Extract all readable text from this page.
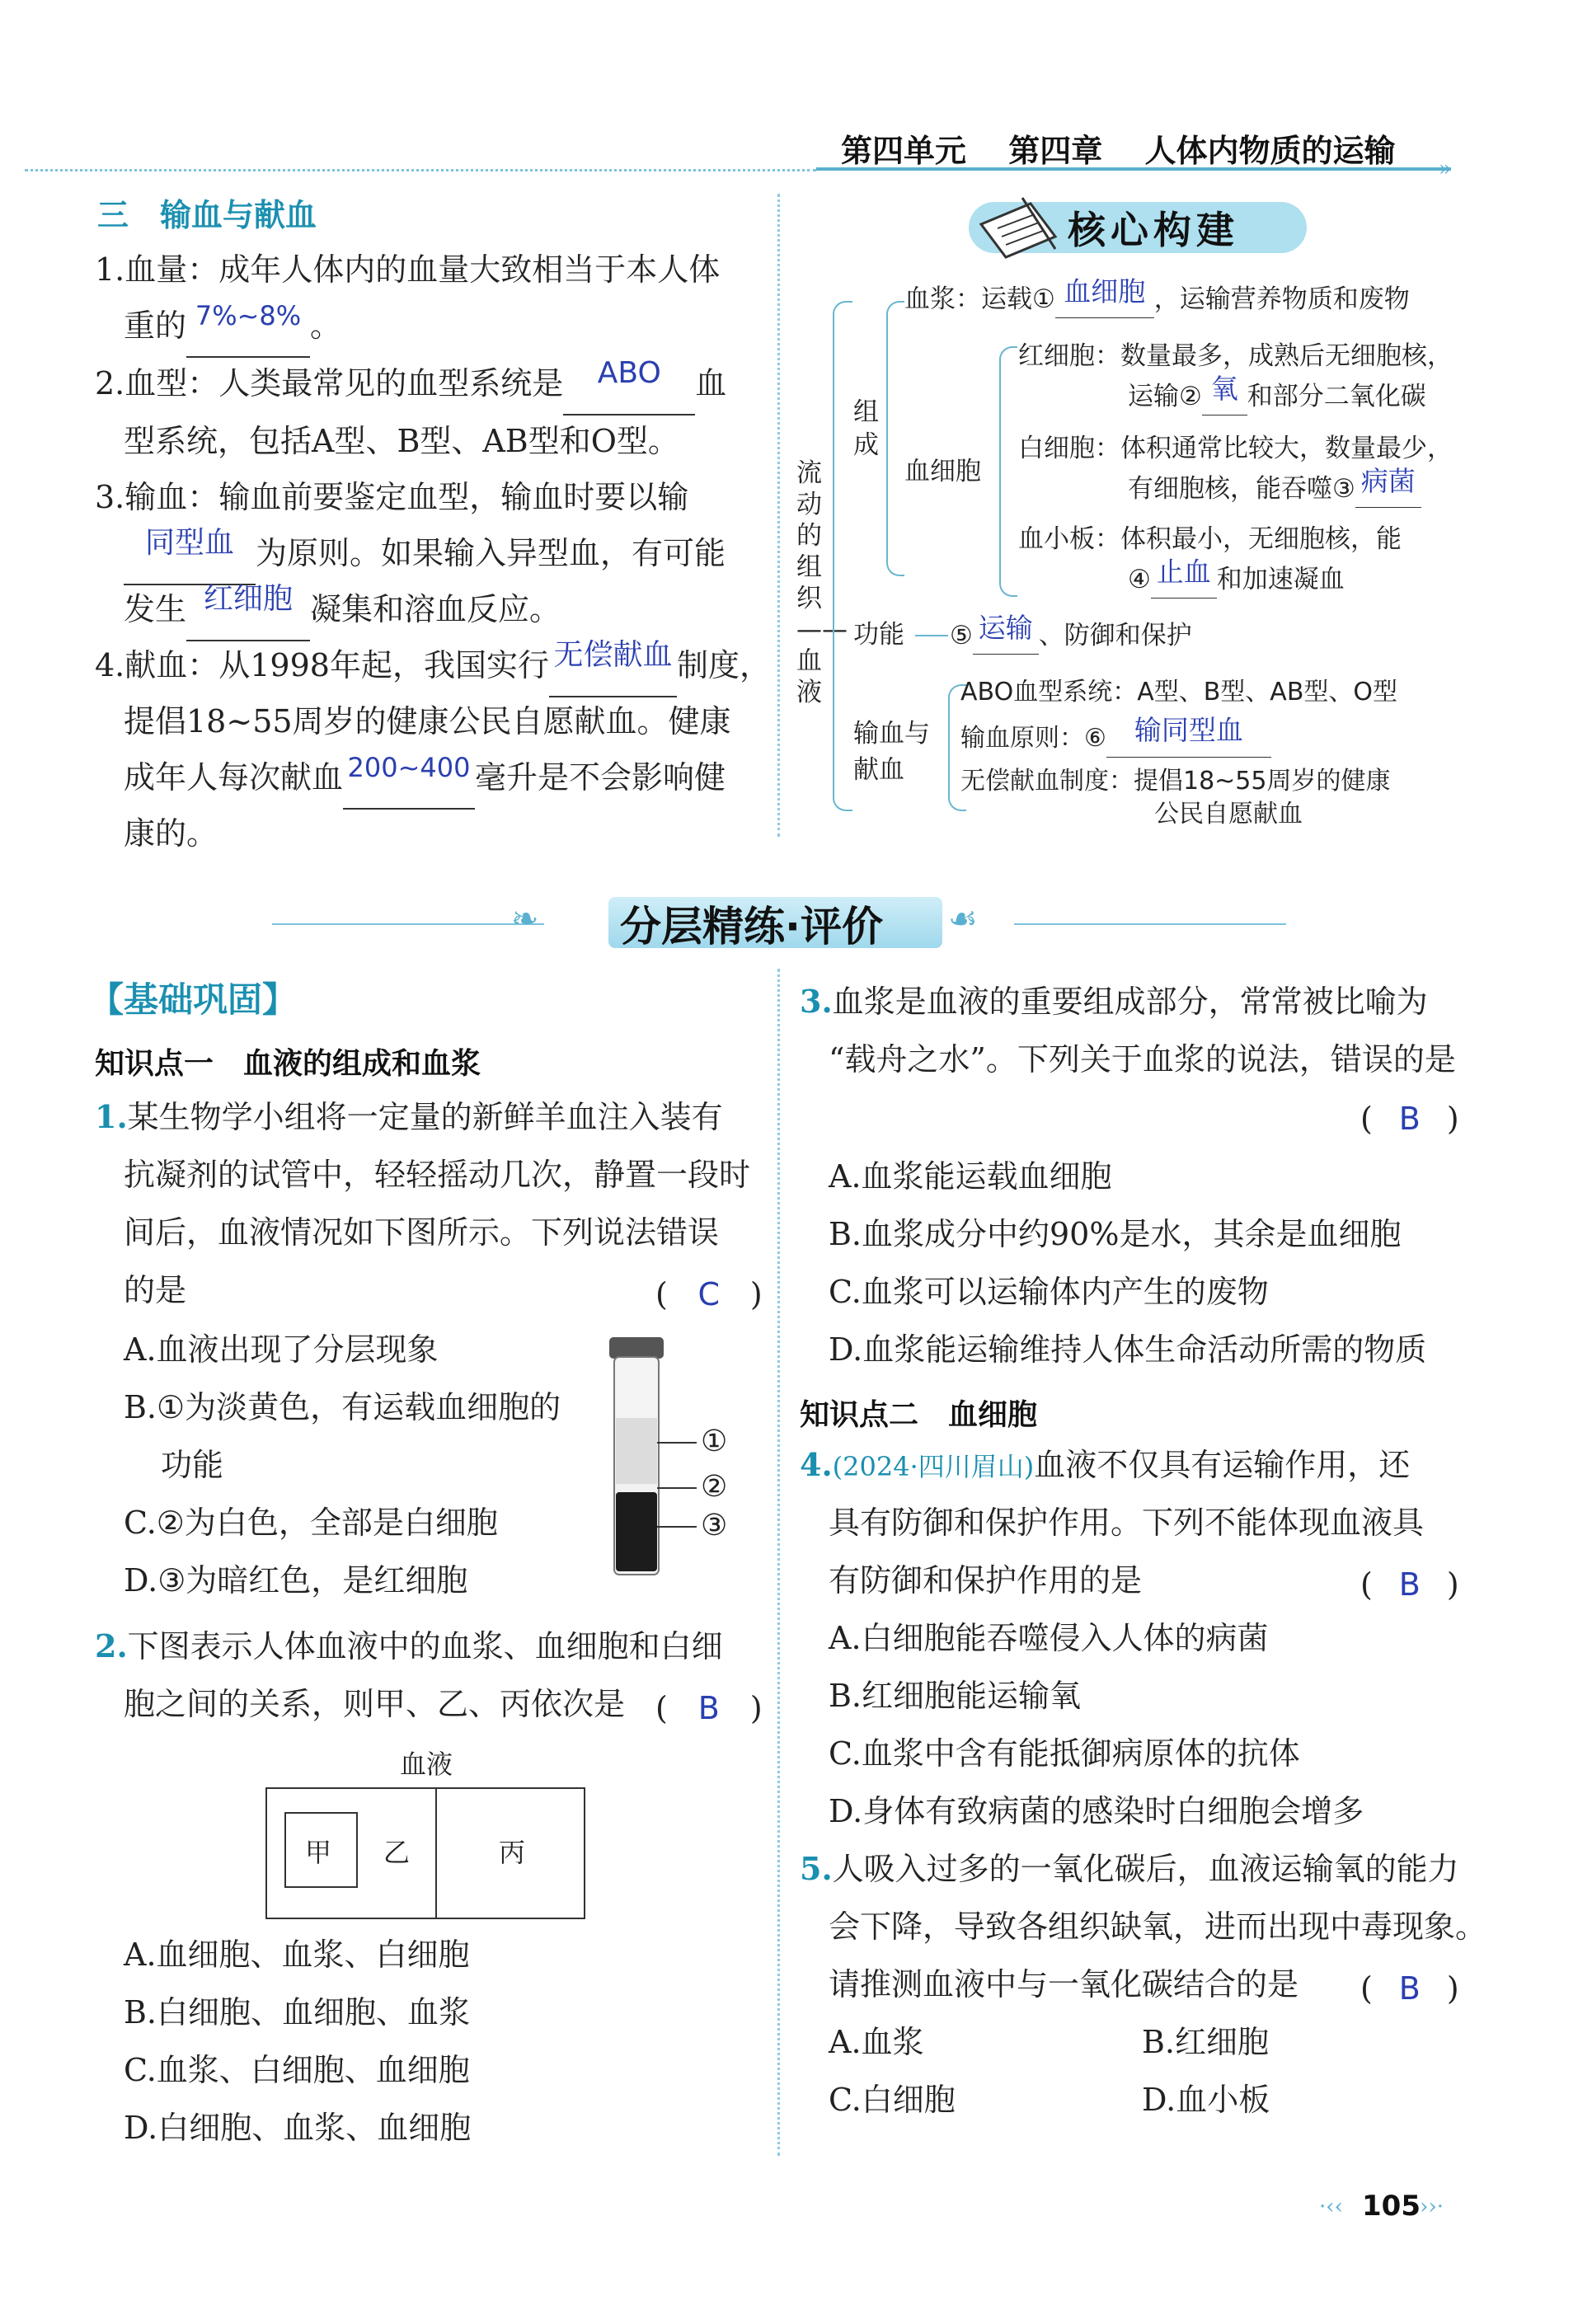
第四单元　 第四章　 人体内物质的运输 »
三　输血与献血
1.血量：成年人体内的血量大致相当于本人体
重的 $^{7\%\sim 8\%}$ 。
2.血型：人类最常见的血型系统是 ABO 血
型系统，包括A型、B型、AB型和O型。
3.输血：输血前要鉴定血型，输血时要以输
同型血 为原则。如果输入异型血，有可能
发生 红细胞 凝集和溶血反应。
4.献血：从1998年起，我国实行 无偿献血 制度，
提倡18~55周岁的健康公民自愿献血。健康
成年人每次献血 $^{200\sim 400}$ 毫升是不会影响健
康的。
核心构建
流动的组织——血液
组成
血浆：运载① 血细胞 ，运输营养物质和废物
血细胞
红细胞：数量最多，成熟后无细胞核，
运输② 氧 和部分二氧化碳
白细胞：体积通常比较大，数量最少，
有细胞核，能吞噬③ 病菌
血小板：体积最小，无细胞核，能
④ 止血 和加速凝血
功能 ⑤ 运输 、防御和保护
输血与献血
ABO血型系统：A型、B型、AB型、O型
输血原则：⑥ 输同型血
无偿献血制度：提倡18~55周岁的健康
公民自愿献血
❧	☙
分层精练·评价
【基础巩固】
知识点一　血液的组成和血浆
1.某生物学小组将一定量的新鲜羊血注入装有
抗凝剂的试管中，轻轻摇动几次，静置一段时
间后，血液情况如下图所示。下列说法错误
的是	( C )
A.血液出现了分层现象
B.①为淡黄色，有运载血细胞的
功能
C.②为白色，全部是白细胞
D.③为暗红色，是红细胞
①
②
③
2.下图表示人体血液中的血浆、血细胞和白细
胞之间的关系，则甲、乙、丙依次是 ( B )
血液
甲 乙	丙
A.血细胞、血浆、白细胞
B.白细胞、血细胞、血浆
C.血浆、白细胞、血细胞
D.白细胞、血浆、血细胞
3.血浆是血液的重要组成部分，常常被比喻为
“载舟之水”。下列关于血浆的说法，错误的是
( B )
A.血浆能运载血细胞
B.血浆成分中约90%是水，其余是血细胞
C.血浆可以运输体内产生的废物
D.血浆能运输维持人体生命活动所需的物质
知识点二　血细胞
4.(2024·四川眉山)血液不仅具有运输作用，还
具有防御和保护作用。下列不能体现血液具
有防御和保护作用的是	( B )
A.白细胞能吞噬侵入人体的病菌
B.红细胞能运输氧
C.血浆中含有能抵御病原体的抗体
D.身体有致病菌的感染时白细胞会增多
5.人吸入过多的一氧化碳后，血液运输氧的能力
会下降，导致各组织缺氧，进而出现中毒现象。
请推测血液中与一氧化碳结合的是 ( B )
A.血浆	B.红细胞
C.白细胞	D.血小板
·‹‹ 105 ››·
